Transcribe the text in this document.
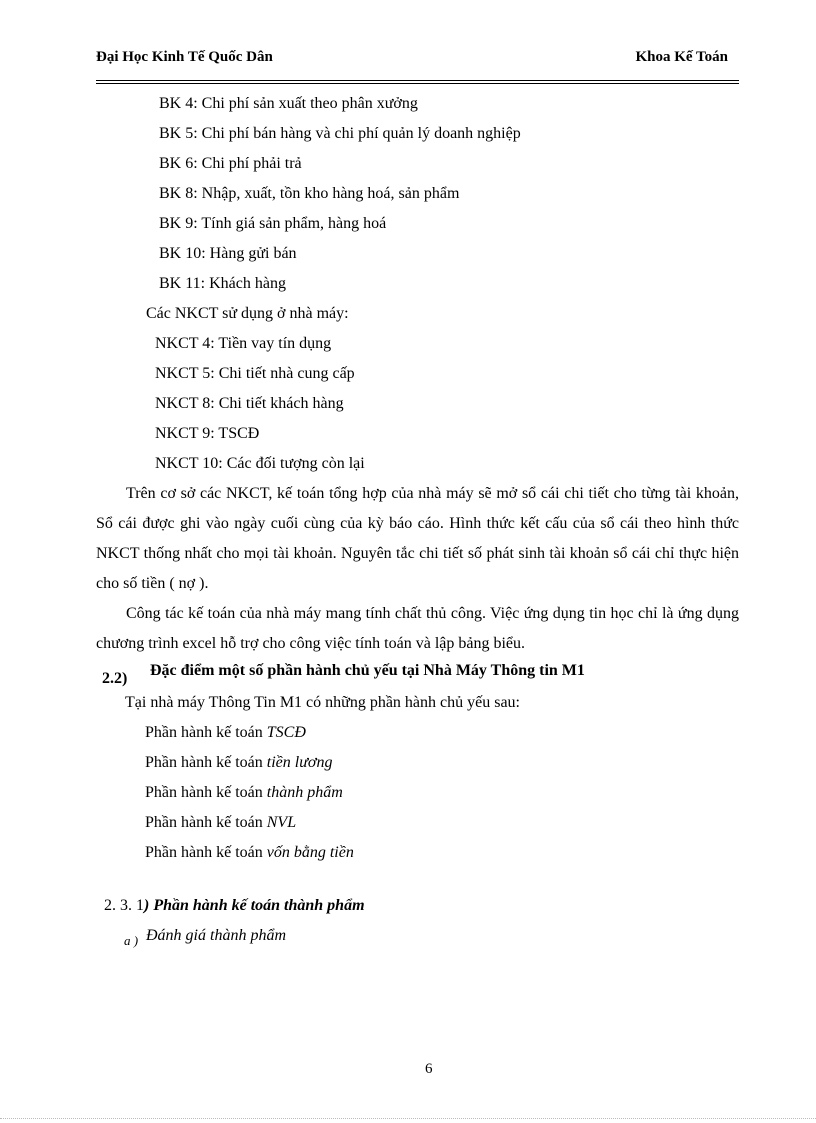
Đại Học Kinh Tế Quốc Dân	Khoa Kế Toán
BK 4: Chi phí sản xuất theo phân xưởng
BK 5: Chi phí bán hàng và chi phí quản lý doanh nghiệp
BK 6: Chi phí phải trả
BK 8: Nhập, xuất, tồn kho hàng hoá, sản phẩm
BK 9: Tính giá sản phẩm, hàng hoá
BK 10: Hàng gửi bán
BK 11: Khách hàng
Các NKCT sử dụng ở nhà máy:
NKCT 4: Tiền vay tín dụng
NKCT 5: Chi tiết nhà cung cấp
NKCT 8: Chi tiết khách hàng
NKCT 9: TSCĐ
NKCT 10: Các đối tượng còn lại
Trên cơ sở các NKCT, kế toán tổng hợp của nhà máy sẽ mở sổ cái chi tiết cho từng tài khoản, Sổ cái được ghi vào ngày cuối cùng của kỳ báo cáo. Hình thức kết cấu của sổ cái theo hình thức NKCT thống nhất cho mọi tài khoản. Nguyên tắc chi tiết số phát sinh tài khoản sổ cái chỉ thực hiện cho số tiền ( nợ ).
Công tác kế toán của nhà máy mang tính chất thủ công. Việc ứng dụng tin học chỉ là ứng dụng chương trình excel hỗ trợ cho công việc tính toán và lập bảng biểu.
2.2) Đặc điểm một số phần hành chủ yếu tại Nhà Máy Thông tin M1
Tại nhà máy Thông Tin M1 có những phần hành chủ yếu sau:
Phần hành kế toán TSCĐ
Phần hành kế toán tiền lương
Phần hành kế toán thành phẩm
Phần hành kế toán NVL
Phần hành kế toán vốn bằng tiền
2. 3. 1) Phần hành kế toán thành phẩm
a ) Đánh giá thành phẩm
6
